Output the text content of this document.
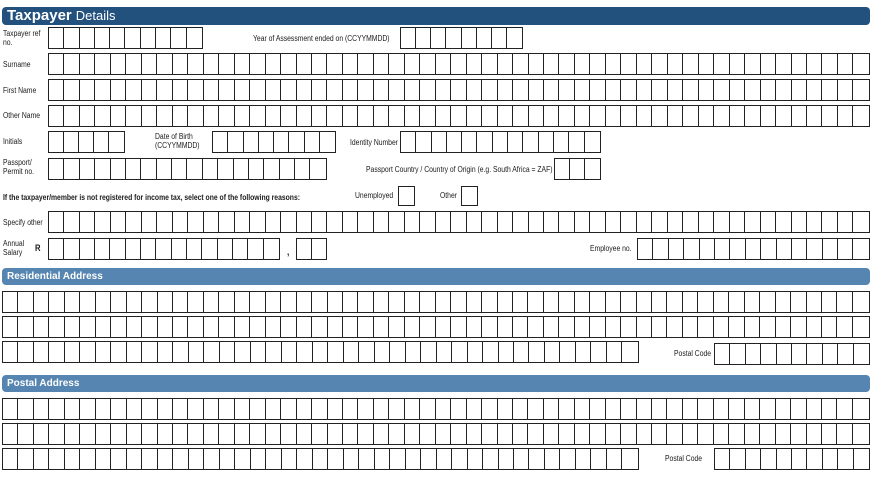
Taxpayer Details
Taxpayer ref no.	Year of Assessment ended on (CCYYMMDD)
Surname
First Name
Other Name
Initials
Date of Birth
(CCYYMMDD)	Identity Number
Passport/
Permit no.	Passport Country / Country of Origin (e.g. South Africa = ZAF)
If the taxpayer/member is not registered for income tax, select one of the following reasons:	Unemployed	Other
Specify other
Annual
Salary R	,	Employee no.
Residential Address
Postal Code
Postal Address
Postal Code
